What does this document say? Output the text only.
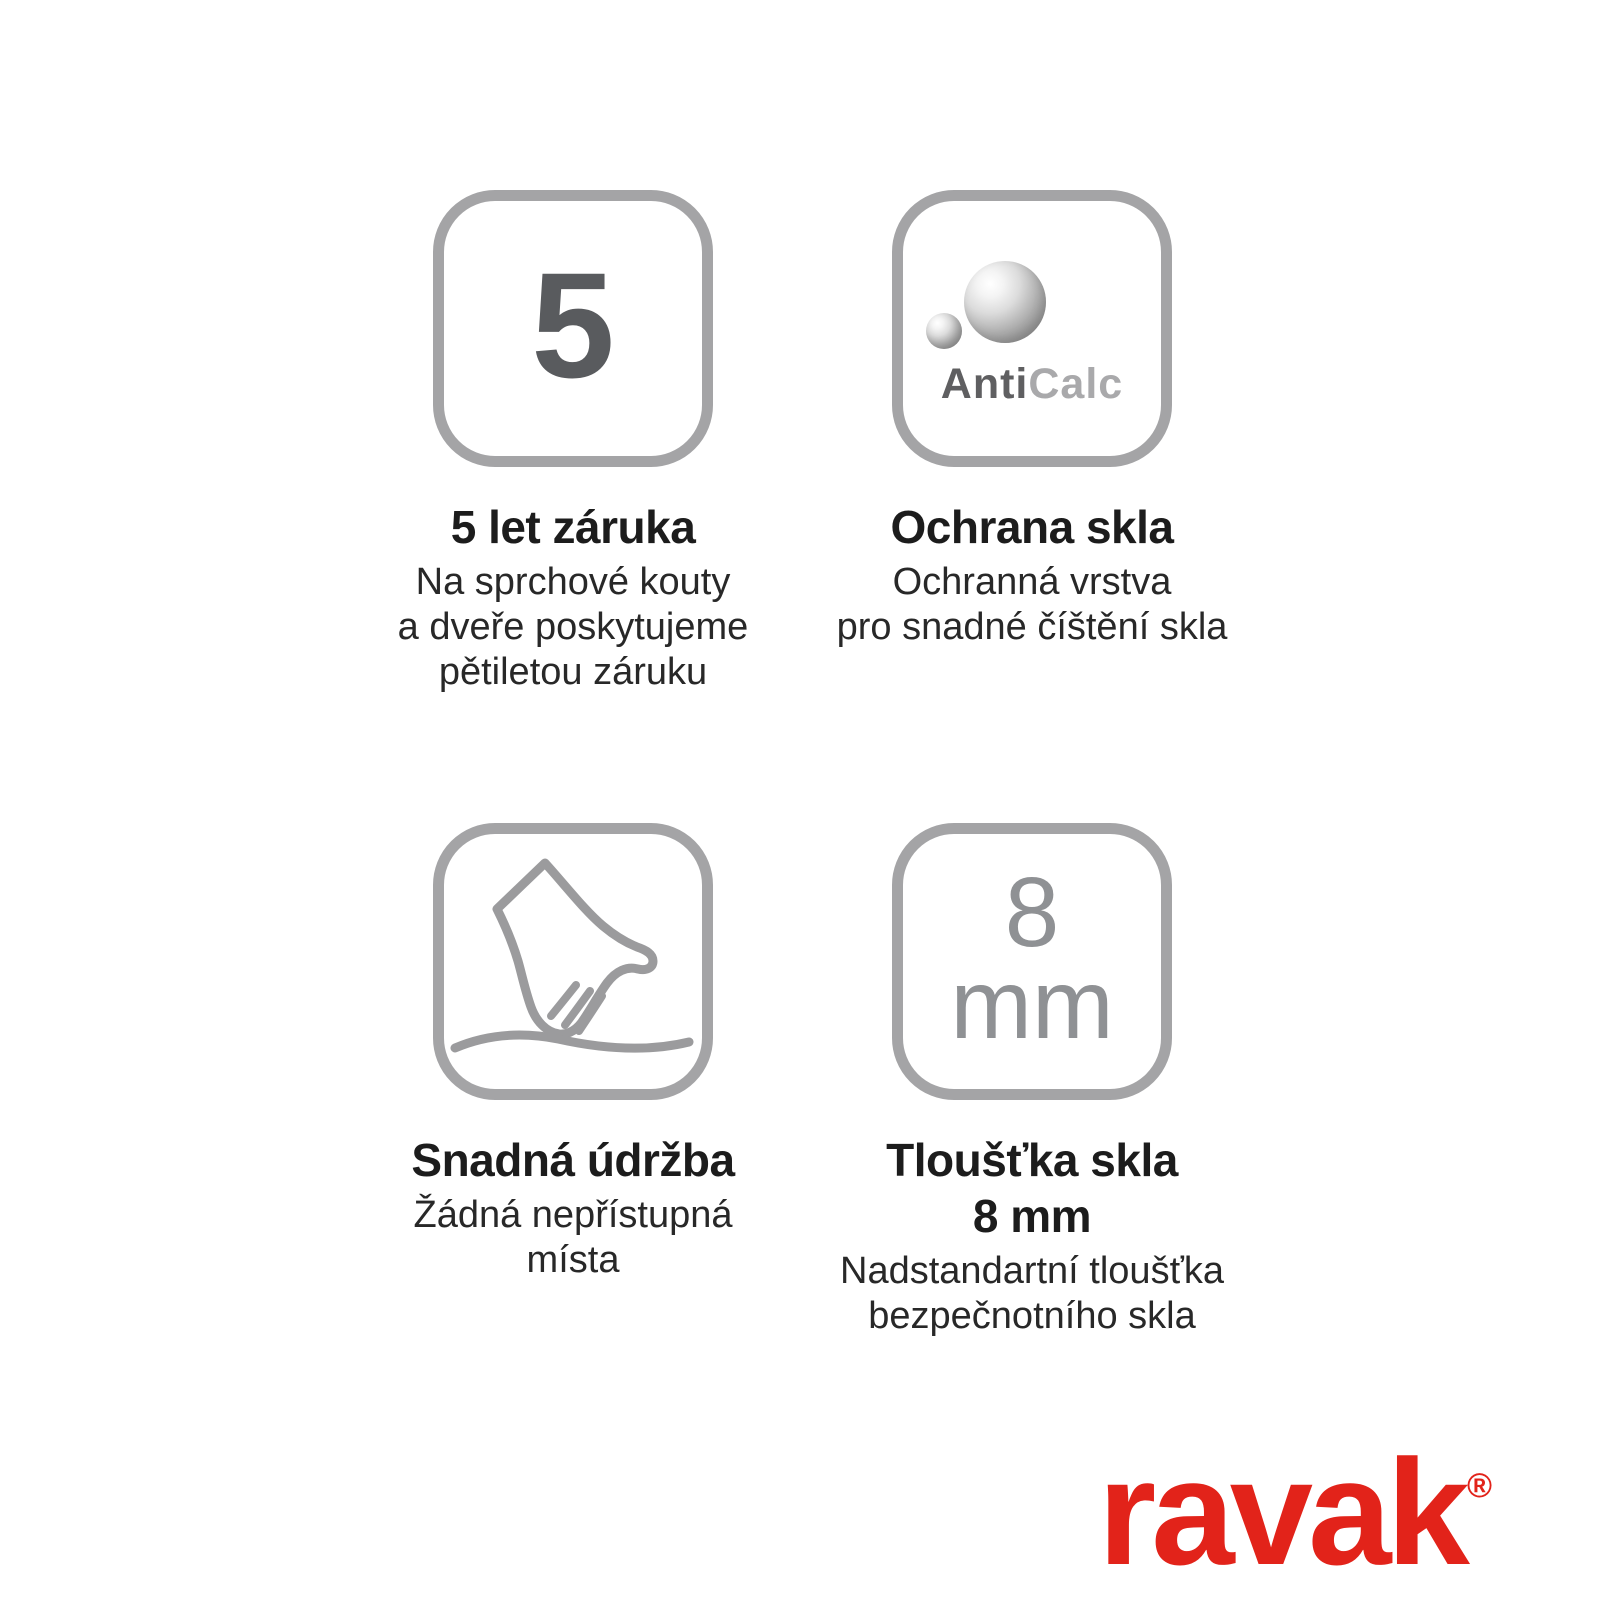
5
5 let záruka
Na sprchové kouty
a dveře poskytujeme
pětiletou záruku
AntiCalc
Ochrana skla
Ochranná vrstva
pro snadné číštění skla
Snadná údržba
Žádná nepřístupná
místa
8
mm
Tloušťka skla
8 mm
Nadstandartní tloušťka
bezpečnotního skla
ravak ®
